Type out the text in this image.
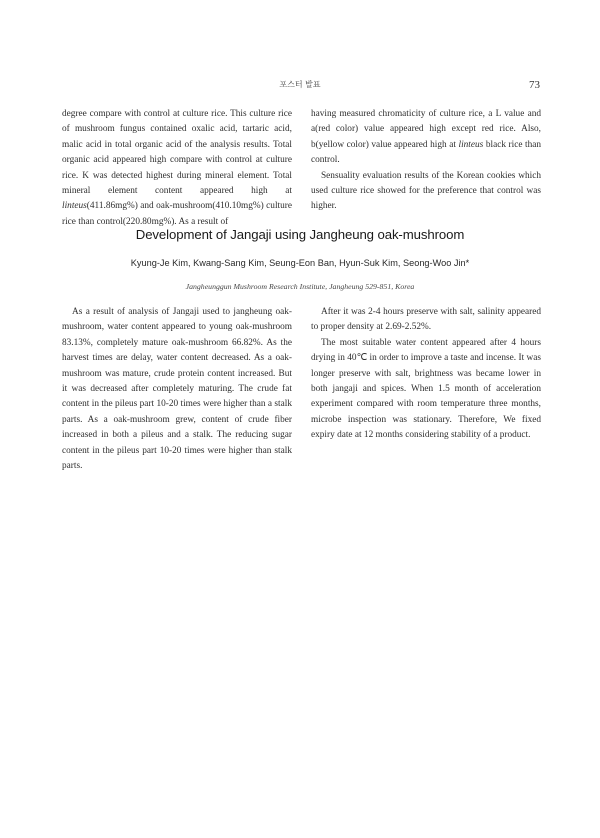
포스터 발표	73

degree compare with control at culture rice. This culture rice of mushroom fungus contained oxalic acid, tartaric acid, malic acid in total organic acid of the analysis results. Total organic acid appeared high compare with control at culture rice. K was detected highest during mineral element. Total mineral element content appeared high at linteus(411.86mg%) and oak-mushroom(410.10mg%) culture rice than control(220.80mg%). As a result of

having measured chromaticity of culture rice, a L value and a(red color) value appeared high except red rice. Also, b(yellow color) value appeared high at linteus black rice than control.

Sensuality evaluation results of the Korean cookies which used culture rice showed for the preference that control was higher.

Development of Jangaji using Jangheung oak-mushroom
Kyung-Je Kim, Kwang-Sang Kim, Seung-Eon Ban, Hyun-Suk Kim, Seong-Woo Jin*
Jangheunggun Mushroom Research Institute, Jangheung 529-851, Korea

As a result of analysis of Jangaji used to jangheung oak-mushroom, water content appeared to young oak-mushroom 83.13%, completely mature oak-mushroom 66.82%. As the harvest times are delay, water content decreased. As a oak-mushroom was mature, crude protein content increased. But it was decreased after completely maturing. The crude fat content in the pileus part 10-20 times were higher than a stalk parts. As a oak-mushroom grew, content of crude fiber increased in both a pileus and a stalk. The reducing sugar content in the pileus part 10-20 times were higher than stalk parts.

After it was 2-4 hours preserve with salt, salinity appeared to proper density at 2.69-2.52%.

The most suitable water content appeared after 4 hours drying in 40℃ in order to improve a taste and incense. It was longer preserve with salt, brightness was became lower in both jangaji and spices. When 1.5 month of acceleration experiment compared with room temperature three months, microbe inspection was stationary. Therefore, We fixed expiry date at 12 months considering stability of a product.
